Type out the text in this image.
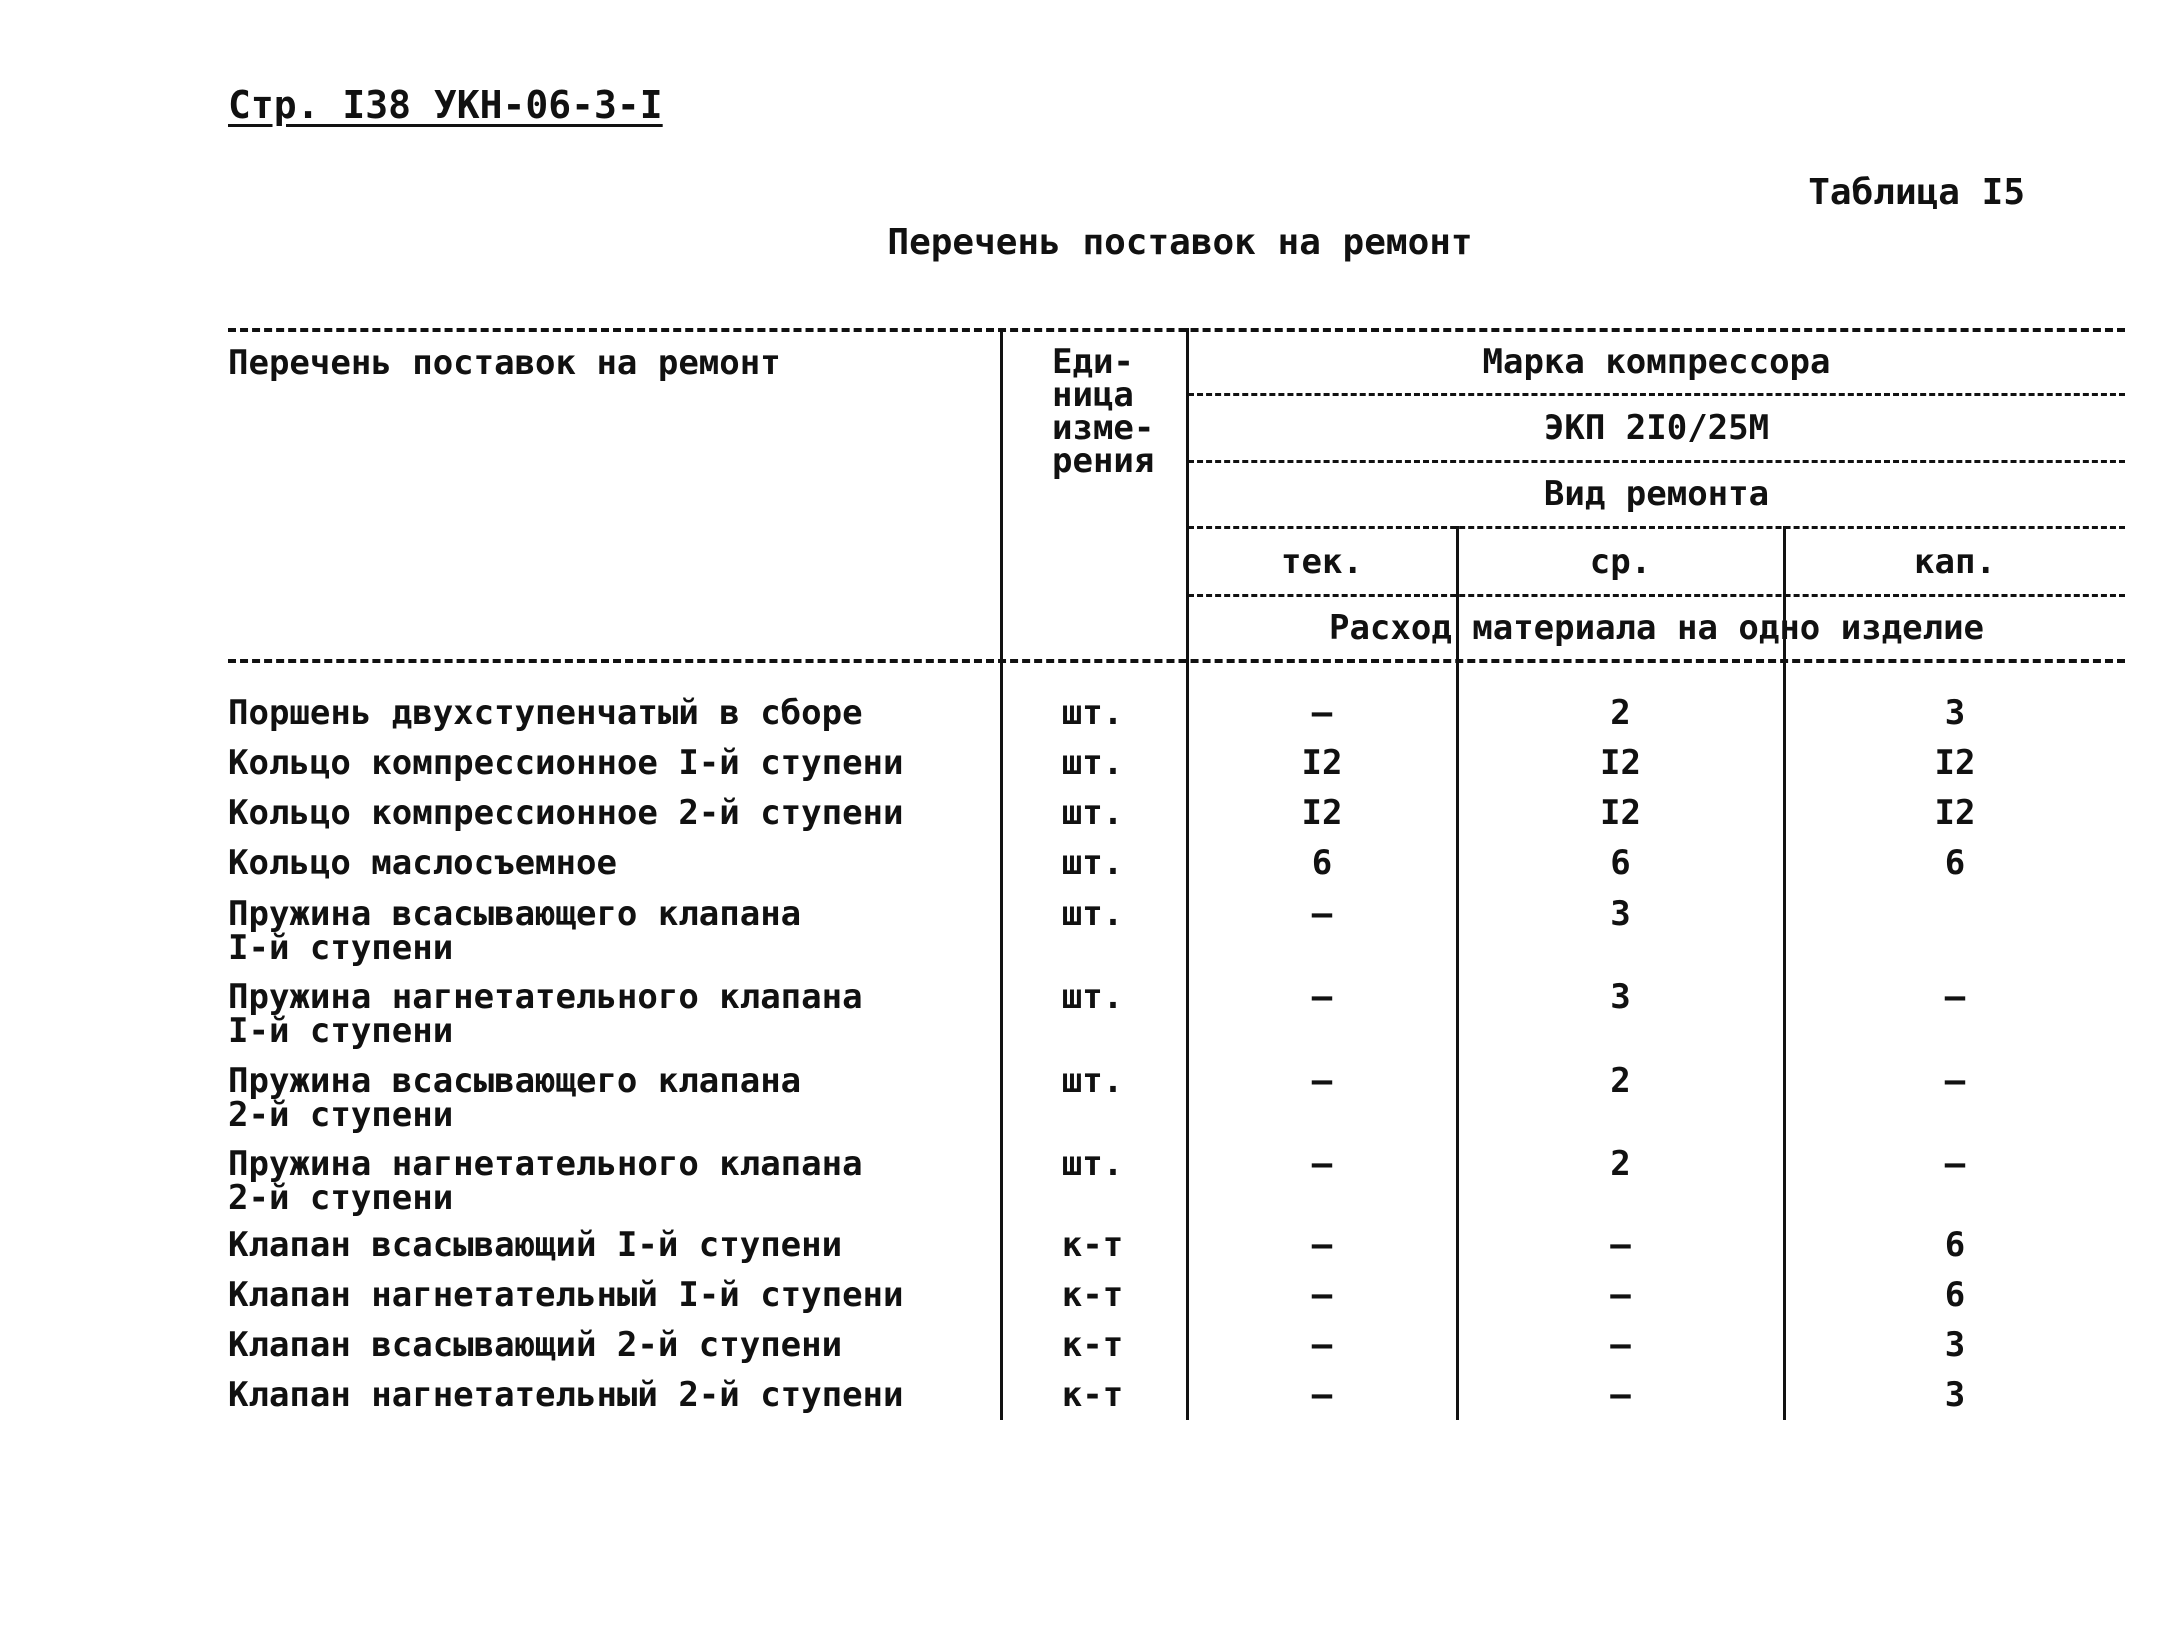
Стр. I38 УКН-06-3-I
Таблица I5
Перечень поставок на ремонт
Перечень поставок на ремонт	Еди-
ница
изме-
рения
Марка компрессора
ЭКП 2I0/25М
Вид ремонта
тек.	ср.	кап.
Расход материала на одно изделие
Поршень двухступенчатый в сборе	шт.	–	2	3
Кольцо компрессионное I-й ступени	шт.	I2	I2	I2
Кольцо компрессионное 2-й ступени	шт.	I2	I2	I2
Кольцо маслосъемное	шт.	6	6	6
Пружина всасывающего клапана
I-й ступени
шт.	–	3
Пружина нагнетательного клапана
I-й ступени
шт.	–	3	–
Пружина всасывающего клапана
2-й ступени
шт.	–	2	–
Пружина нагнетательного клапана
2-й ступени
шт.	–	2	–
Клапан всасывающий I-й ступени	к-т	–	–	6
Клапан нагнетательный I-й ступени	к-т	–	–	6
Клапан всасывающий 2-й ступени	к-т	–	–	3
Клапан нагнетательный 2-й ступени	к-т	–	–	3
